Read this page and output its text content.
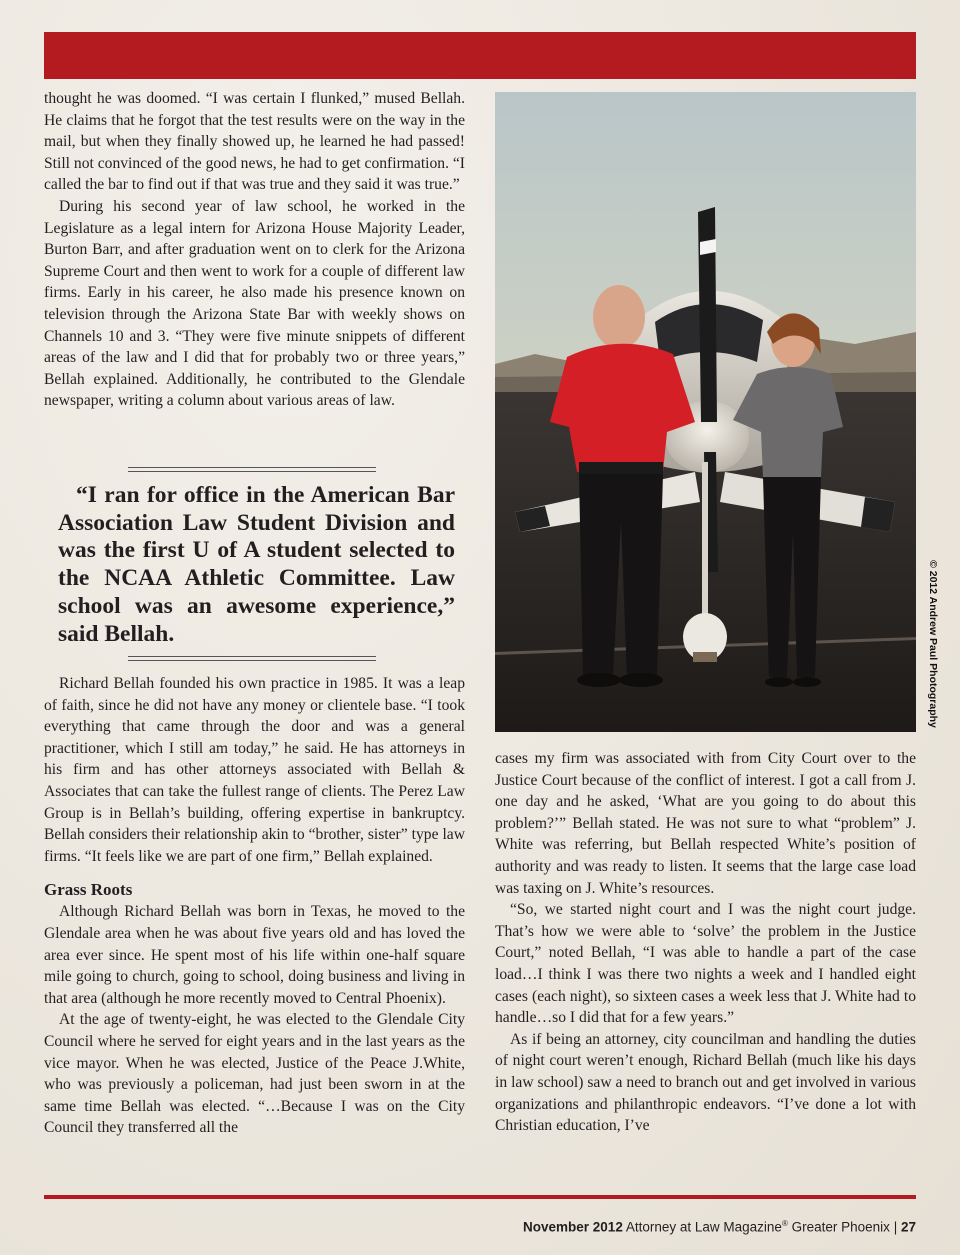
thought he was doomed. “I was certain I flunked,” mused Bellah. He claims that he forgot that the test results were on the way in the mail, but when they finally showed up, he learned he had passed! Still not convinced of the good news, he had to get confirmation. “I called the bar to find out if that was true and they said it was true.”

During his second year of law school, he worked in the Legislature as a legal intern for Arizona House Majority Leader, Burton Barr, and after graduation went on to clerk for the Arizona Supreme Court and then went to work for a couple of different law firms. Early in his career, he also made his presence known on television through the Arizona State Bar with weekly shows on Channels 10 and 3. “They were five minute snippets of different areas of the law and I did that for probably two or three years,” Bellah explained. Additionally, he contributed to the Glendale newspaper, writing a column about various areas of law.

“I ran for office in the American Bar Association Law Student Division and was the first U of A student selected to the NCAA Athletic Committee. Law school was an awesome experience,” said Bellah.

Richard Bellah founded his own practice in 1985. It was a leap of faith, since he did not have any money or clientele base. “I took everything that came through the door and was a general practitioner, which I still am today,” he said. He has attorneys in his firm and has other attorneys associated with Bellah & Associates that can take the fullest range of clients. The Perez Law Group is in Bellah’s building, offering expertise in bankruptcy. Bellah considers their relationship akin to “brother, sister” type law firms. “It feels like we are part of one firm,” Bellah explained.

Grass Roots

Although Richard Bellah was born in Texas, he moved to the Glendale area when he was about five years old and has loved the area ever since. He spent most of his life within one-half square mile going to church, going to school, doing business and living in that area (although he more recently moved to Central Phoenix).

At the age of twenty-eight, he was elected to the Glendale City Council where he served for eight years and in the last years as the vice mayor. When he was elected, Justice of the Peace J.White, who was previously a policeman, had just been sworn in at the same time Bellah was elected. “…Because I was on the City Council they transferred all the

© 2012 Andrew Paul Photography

cases my firm was associated with from City Court over to the Justice Court because of the conflict of interest. I got a call from J. one day and he asked, ‘What are you going to do about this problem?’” Bellah stated. He was not sure to what “problem” J. White was referring, but Bellah respected White’s position of authority and was ready to listen. It seems that the large case load was taxing on J. White’s resources.

“So, we started night court and I was the night court judge. That’s how we were able to ‘solve’ the problem in the Justice Court,” noted Bellah, “I was able to handle a part of the case load…I think I was there two nights a week and I handled eight cases (each night), so sixteen cases a week less that J. White had to handle…so I did that for a few years.”

As if being an attorney, city councilman and handling the duties of night court weren’t enough, Richard Bellah (much like his days in law school) saw a need to branch out and get involved in various organizations and philanthropic endeavors. “I’ve done a lot with Christian education, I’ve

November 2012 Attorney at Law Magazine® Greater Phoenix | 27
